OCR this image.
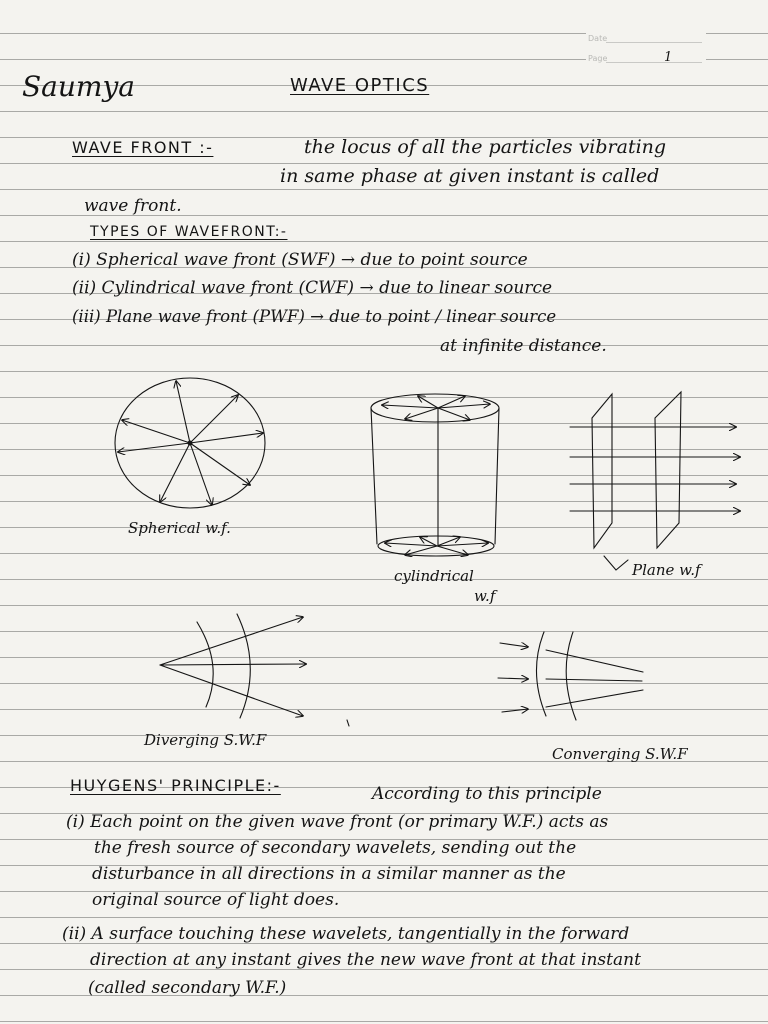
Date
Page	1
Saumya	WAVE OPTICS
WAVE FRONT :-	the locus of all the particles vibrating
in same phase at given instant is called
wave front.
TYPES OF WAVEFRONT:-
(i) Spherical wave front (SWF) → due to point source
(ii) Cylindrical wave front (CWF) → due to linear source
(iii) Plane wave front (PWF) → due to point / linear source
at infinite distance.
Spherical w.f.
cylindrical
w.f
Plane w.f
Diverging S.W.F
Converging S.W.F
HUYGENS' PRINCIPLE:-	According to this principle
(i) Each point on the given wave front (or primary W.F.) acts as
the fresh source of secondary wavelets, sending out the
disturbance in all directions in a similar manner as the
original source of light does.
(ii) A surface touching these wavelets, tangentially in the forward
direction at any instant gives the new wave front at that instant
(called secondary W.F.)
